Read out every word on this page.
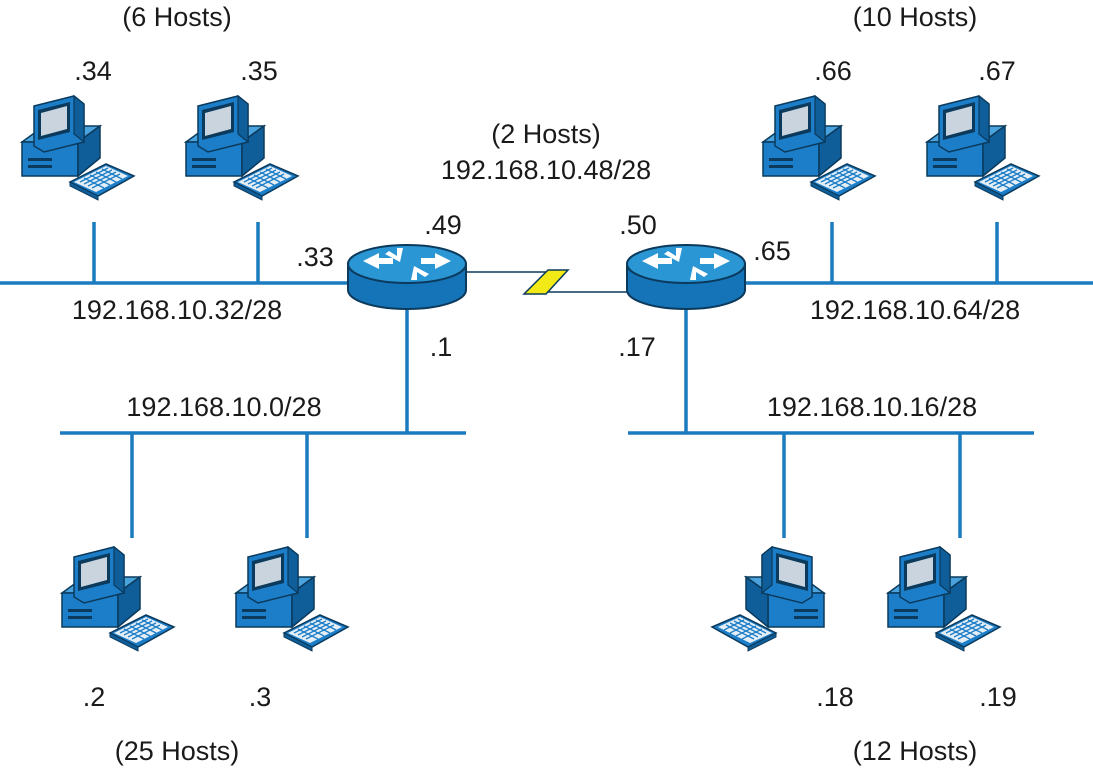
(6 Hosts)
.34	.35
.33
192.168.10.32/28
(10 Hosts)
.66	.67
.65
192.168.10.64/28
(2 Hosts)
192.168.10.48/28
.49	.50
.1
192.168.10.0/28
.2	.3
(25 Hosts)
.17
192.168.10.16/28
.18	.19
(12 Hosts)
